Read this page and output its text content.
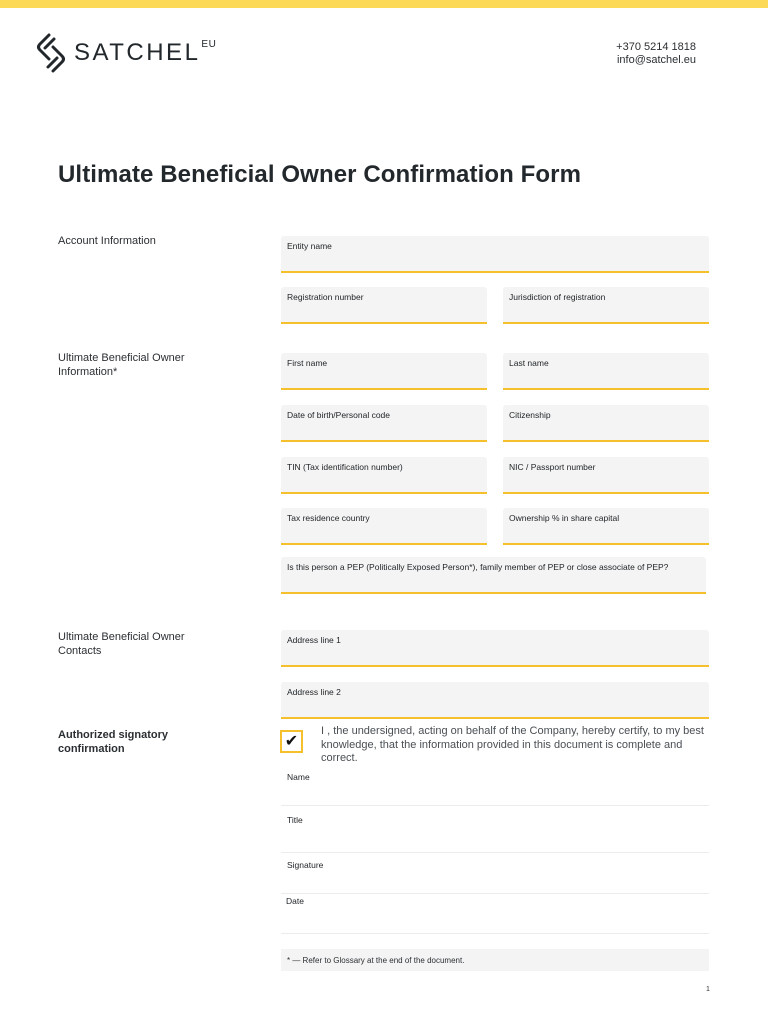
SATCHEL EU	+370 5214 1818
info@satchel.eu
Ultimate Beneficial Owner Confirmation Form
Account Information
Ultimate Beneficial Owner Information*
Ultimate Beneficial Owner Contacts
Authorized signatory confirmation
Entity name
Registration number	Jurisdiction of registration
First name	Last name
Date of birth/Personal code	Citizenship
TIN (Tax identification number)	NIC / Passport number
Tax residence country	Ownership % in share capital
Is this person a PEP (Politically Exposed Person*), family member of PEP or close associate of PEP?
Address line 1
Address line 2
✔
I , the undersigned, acting on behalf of the Company, hereby certify, to my best knowledge, that the information provided in this document is complete and correct.
Name
Title
Signature
Date
* — Refer to Glossary at the end of the document.
1
